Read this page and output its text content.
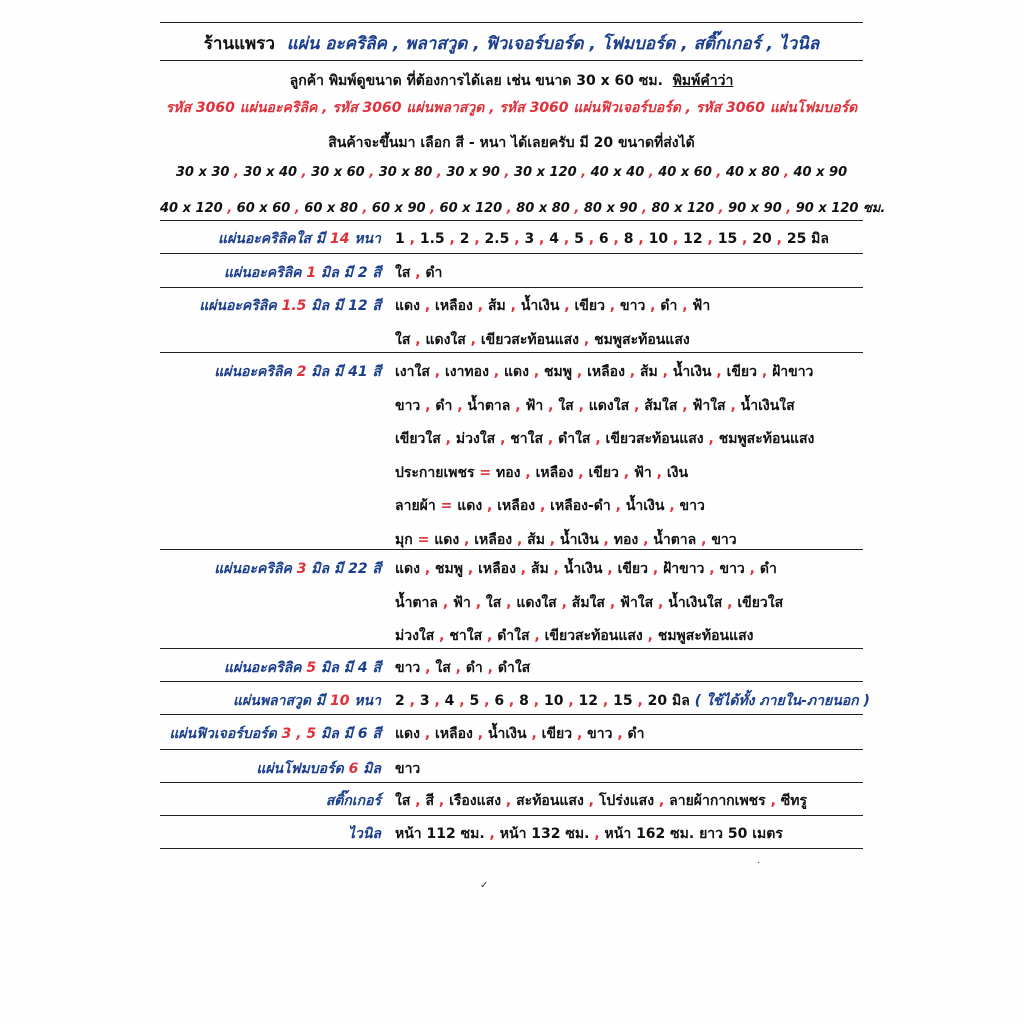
ร้านแพรว แผ่น อะคริลิค , พลาสวูด , ฟิวเจอร์บอร์ด , โฟมบอร์ด , สติ๊กเกอร์ , ไวนิล
ลูกค้า พิมพ์ดูขนาด ที่ต้องการได้เลย เช่น ขนาด 30 x 60 ซม. พิมพ์คำว่า
รหัส 3060 แผ่นอะคริลิค , รหัส 3060 แผ่นพลาสวูด , รหัส 3060 แผ่นฟิวเจอร์บอร์ด , รหัส 3060 แผ่นโฟมบอร์ด
สินค้าจะขึ้นมา เลือก สี - หนา ได้เลยครับ มี 20 ขนาดที่ส่งได้
30 x 30 , 30 x 40 , 30 x 60 , 30 x 80 , 30 x 90 , 30 x 120 , 40 x 40 , 40 x 60 , 40 x 80 , 40 x 90
40 x 120 , 60 x 60 , 60 x 80 , 60 x 90 , 60 x 120 , 80 x 80 , 80 x 90 , 80 x 120 , 90 x 90 , 90 x 120 ซม.
แผ่นอะคริลิคใส มี 14 หนา 1 , 1.5 , 2 , 2.5 , 3 , 4 , 5 , 6 , 8 , 10 , 12 , 15 , 20 , 25 มิล
แผ่นอะคริลิค 1 มิล มี 2 สี ใส , ดำ
แผ่นอะคริลิค 1.5 มิล มี 12 สี แดง , เหลือง , ส้ม , น้ำเงิน , เขียว , ขาว , ดำ , ฟ้า
ใส , แดงใส , เขียวสะท้อนแสง , ชมพูสะท้อนแสง
แผ่นอะคริลิค 2 มิล มี 41 สี เงาใส , เงาทอง , แดง , ชมพู , เหลือง , ส้ม , น้ำเงิน , เขียว , ฝ้าขาว
ขาว , ดำ , น้ำตาล , ฟ้า , ใส , แดงใส , ส้มใส , ฟ้าใส , น้ำเงินใส
เขียวใส , ม่วงใส , ชาใส , ดำใส , เขียวสะท้อนแสง , ชมพูสะท้อนแสง
ประกายเพชร = ทอง , เหลือง , เขียว , ฟ้า , เงิน
ลายผ้า = แดง , เหลือง , เหลือง-ดำ , น้ำเงิน , ขาว
มุก = แดง , เหลือง , ส้ม , น้ำเงิน , ทอง , น้ำตาล , ขาว
แผ่นอะคริลิค 3 มิล มี 22 สี แดง , ชมพู , เหลือง , ส้ม , น้ำเงิน , เขียว , ฝ้าขาว , ขาว , ดำ
น้ำตาล , ฟ้า , ใส , แดงใส , ส้มใส , ฟ้าใส , น้ำเงินใส , เขียวใส
ม่วงใส , ชาใส , ดำใส , เขียวสะท้อนแสง , ชมพูสะท้อนแสง
แผ่นอะคริลิค 5 มิล มี 4 สี ขาว , ใส , ดำ , ดำใส
แผ่นพลาสวูด มี 10 หนา 2 , 3 , 4 , 5 , 6 , 8 , 10 , 12 , 15 , 20 มิล ( ใช้ได้ทั้ง ภายใน-ภายนอก )
แผ่นฟิวเจอร์บอร์ด 3 , 5 มิล มี 6 สี แดง , เหลือง , น้ำเงิน , เขียว , ขาว , ดำ
แผ่นโฟมบอร์ด 6 มิล ขาว
สติ๊กเกอร์ ใส , สี , เรืองแสง , สะท้อนแสง , โปร่งแสง , ลายผ้ากากเพชร , ซีทรู
ไวนิล หน้า 112 ซม. , หน้า 132 ซม. , หน้า 162 ซม. ยาว 50 เมตร
✓
·
